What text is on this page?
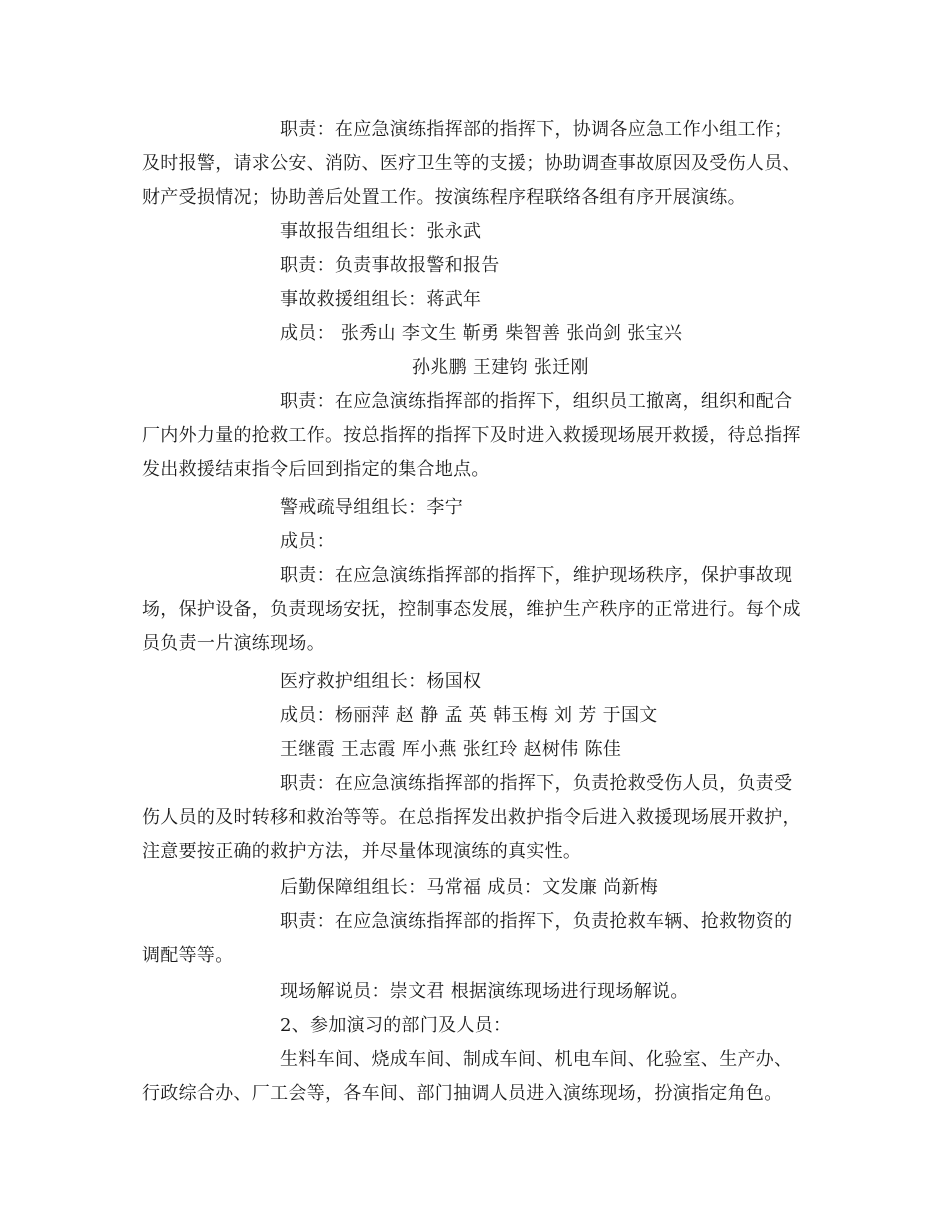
职责：在应急演练指挥部的指挥下，协调各应急工作小组工作；
及时报警，请求公安、消防、医疗卫生等的支援；协助调查事故原因及受伤人员、
财产受损情况；协助善后处置工作。按演练程序程联络各组有序开展演练。
事故报告组组长：张永武
职责：负责事故报警和报告
事故救援组组长：蒋武年
成员： 张秀山 李文生 靳勇 柴智善 张尚剑 张宝兴
孙兆鹏 王建钧 张迁刚
职责：在应急演练指挥部的指挥下，组织员工撤离，组织和配合
厂内外力量的抢救工作。按总指挥的指挥下及时进入救援现场展开救援，待总指挥
发出救援结束指令后回到指定的集合地点。
警戒疏导组组长：李宁
成员：
职责：在应急演练指挥部的指挥下，维护现场秩序，保护事故现
场，保护设备，负责现场安抚，控制事态发展，维护生产秩序的正常进行。每个成
员负责一片演练现场。
医疗救护组组长：杨国权
成员：杨丽萍 赵 静 孟 英 韩玉梅 刘 芳 于国文
王继霞 王志霞 厍小燕 张红玲 赵树伟 陈佳
职责：在应急演练指挥部的指挥下，负责抢救受伤人员，负责受
伤人员的及时转移和救治等等。在总指挥发出救护指令后进入救援现场展开救护，
注意要按正确的救护方法，并尽量体现演练的真实性。
后勤保障组组长：马常福 成员：文发廉 尚新梅
职责：在应急演练指挥部的指挥下，负责抢救车辆、抢救物资的
调配等等。
现场解说员：崇文君 根据演练现场进行现场解说。
2、参加演习的部门及人员：
生料车间、烧成车间、制成车间、机电车间、化验室、生产办、
行政综合办、厂工会等，各车间、部门抽调人员进入演练现场，扮演指定角色。
